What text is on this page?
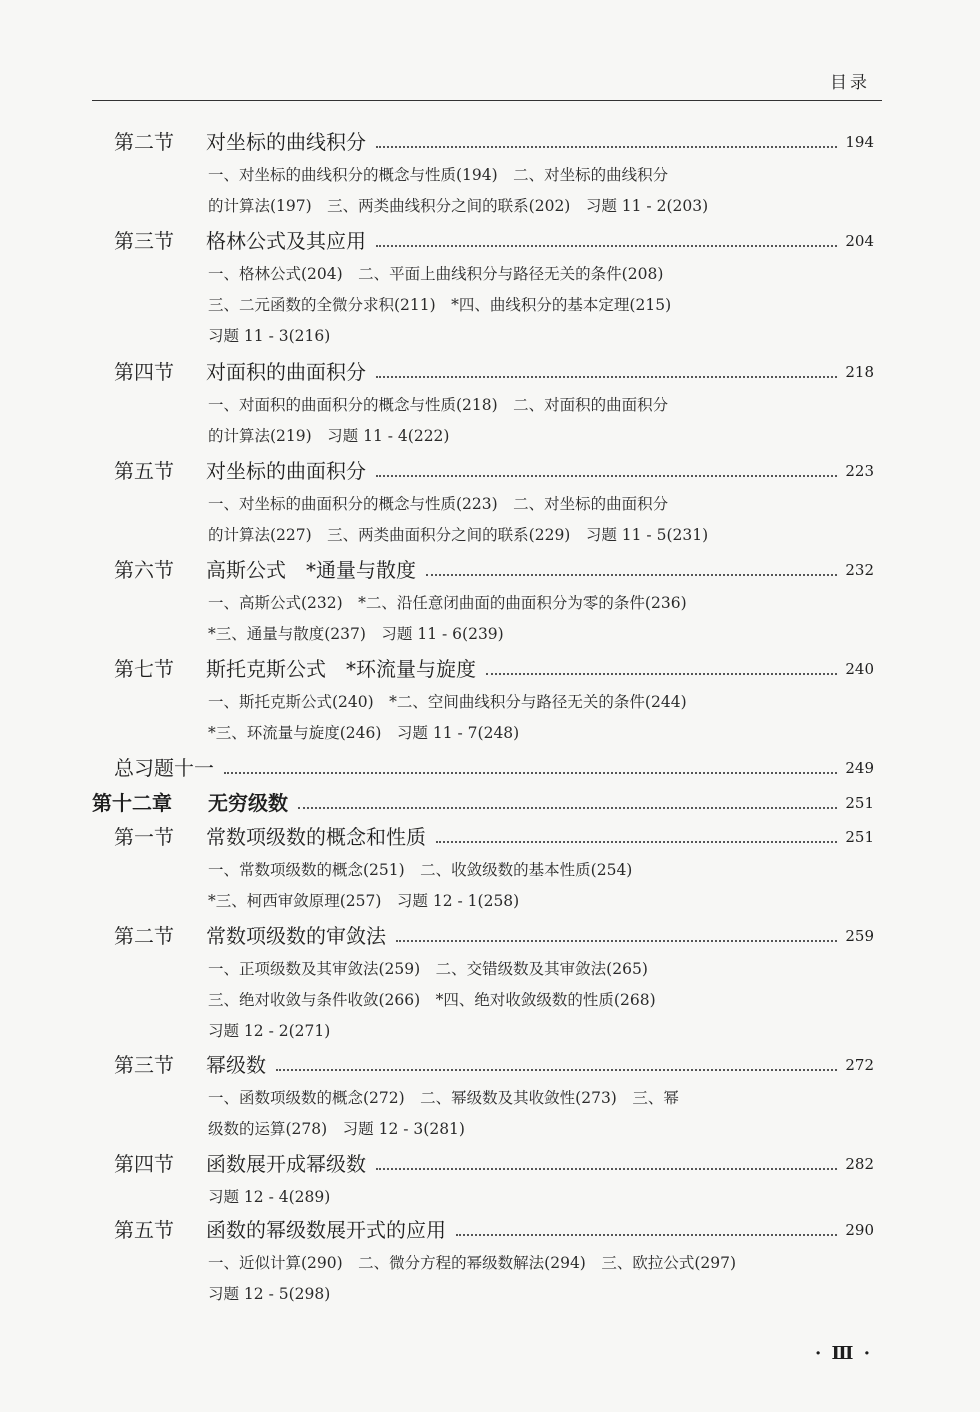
目录
第二节 对坐标的曲线积分	194
一、对坐标的曲线积分的概念与性质(194)　二、对坐标的曲线积分
的计算法(197)　三、两类曲线积分之间的联系(202)　习题 11 - 2(203)
第三节 格林公式及其应用	204
一、格林公式(204)　二、平面上曲线积分与路径无关的条件(208)
三、二元函数的全微分求积(211)　*四、曲线积分的基本定理(215)
习题 11 - 3(216)
第四节 对面积的曲面积分	218
一、对面积的曲面积分的概念与性质(218)　二、对面积的曲面积分
的计算法(219)　习题 11 - 4(222)
第五节 对坐标的曲面积分	223
一、对坐标的曲面积分的概念与性质(223)　二、对坐标的曲面积分
的计算法(227)　三、两类曲面积分之间的联系(229)　习题 11 - 5(231)
第六节 高斯公式　*通量与散度	232
一、高斯公式(232)　*二、沿任意闭曲面的曲面积分为零的条件(236)
*三、通量与散度(237)　习题 11 - 6(239)
第七节 斯托克斯公式　*环流量与旋度	240
一、斯托克斯公式(240)　*二、空间曲线积分与路径无关的条件(244)
*三、环流量与旋度(246)　习题 11 - 7(248)
总习题十一	249
第十二章 无穷级数	251
第一节 常数项级数的概念和性质	251
一、常数项级数的概念(251)　二、收敛级数的基本性质(254)
*三、柯西审敛原理(257)　习题 12 - 1(258)
第二节 常数项级数的审敛法	259
一、正项级数及其审敛法(259)　二、交错级数及其审敛法(265)
三、绝对收敛与条件收敛(266)　*四、绝对收敛级数的性质(268)
习题 12 - 2(271)
第三节 幂级数	272
一、函数项级数的概念(272)　二、幂级数及其收敛性(273)　三、幂
级数的运算(278)　习题 12 - 3(281)
第四节 函数展开成幂级数	282
习题 12 - 4(289)
第五节 函数的幂级数展开式的应用	290
一、近似计算(290)　二、微分方程的幂级数解法(294)　三、欧拉公式(297)
习题 12 - 5(298)
· Ⅲ ·
